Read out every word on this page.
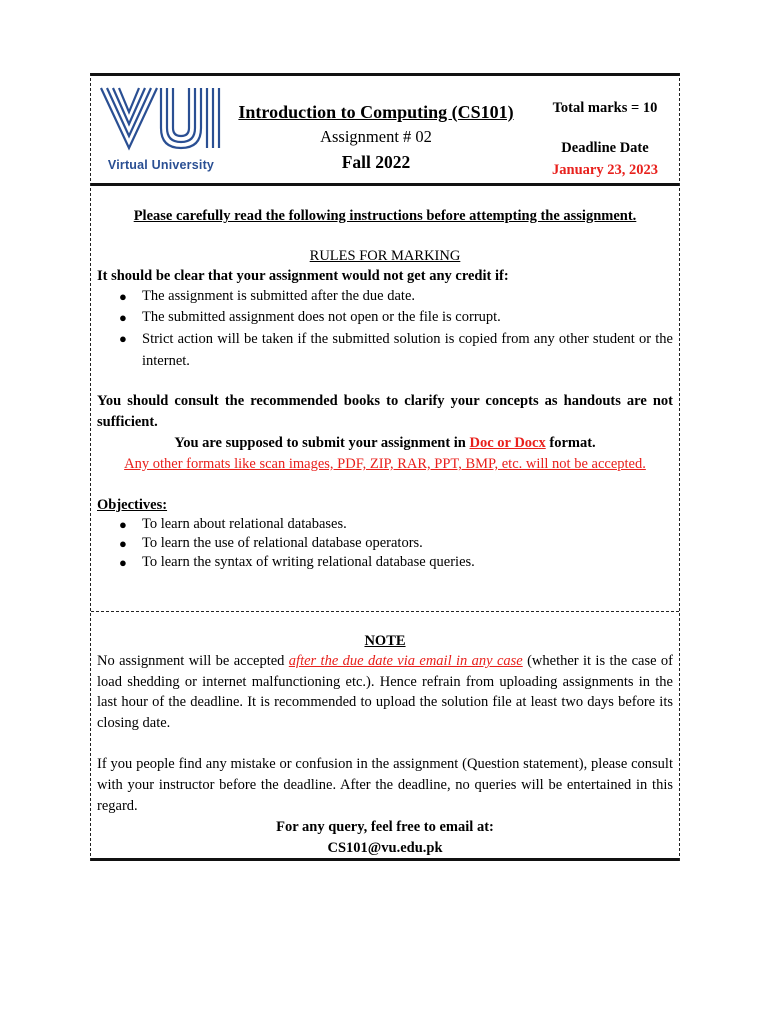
Virtual University
Introduction to Computing (CS101)
Assignment # 02
Fall 2022
Total marks = 10
Deadline Date
January 23, 2023
Please carefully read the following instructions before attempting the assignment.
RULES FOR MARKING
It should be clear that your assignment would not get any credit if:
● The assignment is submitted after the due date.
● The submitted assignment does not open or the file is corrupt.
● Strict action will be taken if the submitted solution is copied from any other student or the internet.
You should consult the recommended books to clarify your concepts as handouts are not sufficient.
You are supposed to submit your assignment in Doc or Docx format.
Any other formats like scan images, PDF, ZIP, RAR, PPT, BMP, etc. will not be accepted.
Objectives:
● To learn about relational databases.
● To learn the use of relational database operators.
● To learn the syntax of writing relational database queries.
NOTE
No assignment will be accepted after the due date via email in any case (whether it is the case of load shedding or internet malfunctioning etc.). Hence refrain from uploading assignments in the last hour of the deadline. It is recommended to upload the solution file at least two days before its closing date.
If you people find any mistake or confusion in the assignment (Question statement), please consult with your instructor before the deadline. After the deadline, no queries will be entertained in this regard.
For any query, feel free to email at:
CS101@vu.edu.pk
